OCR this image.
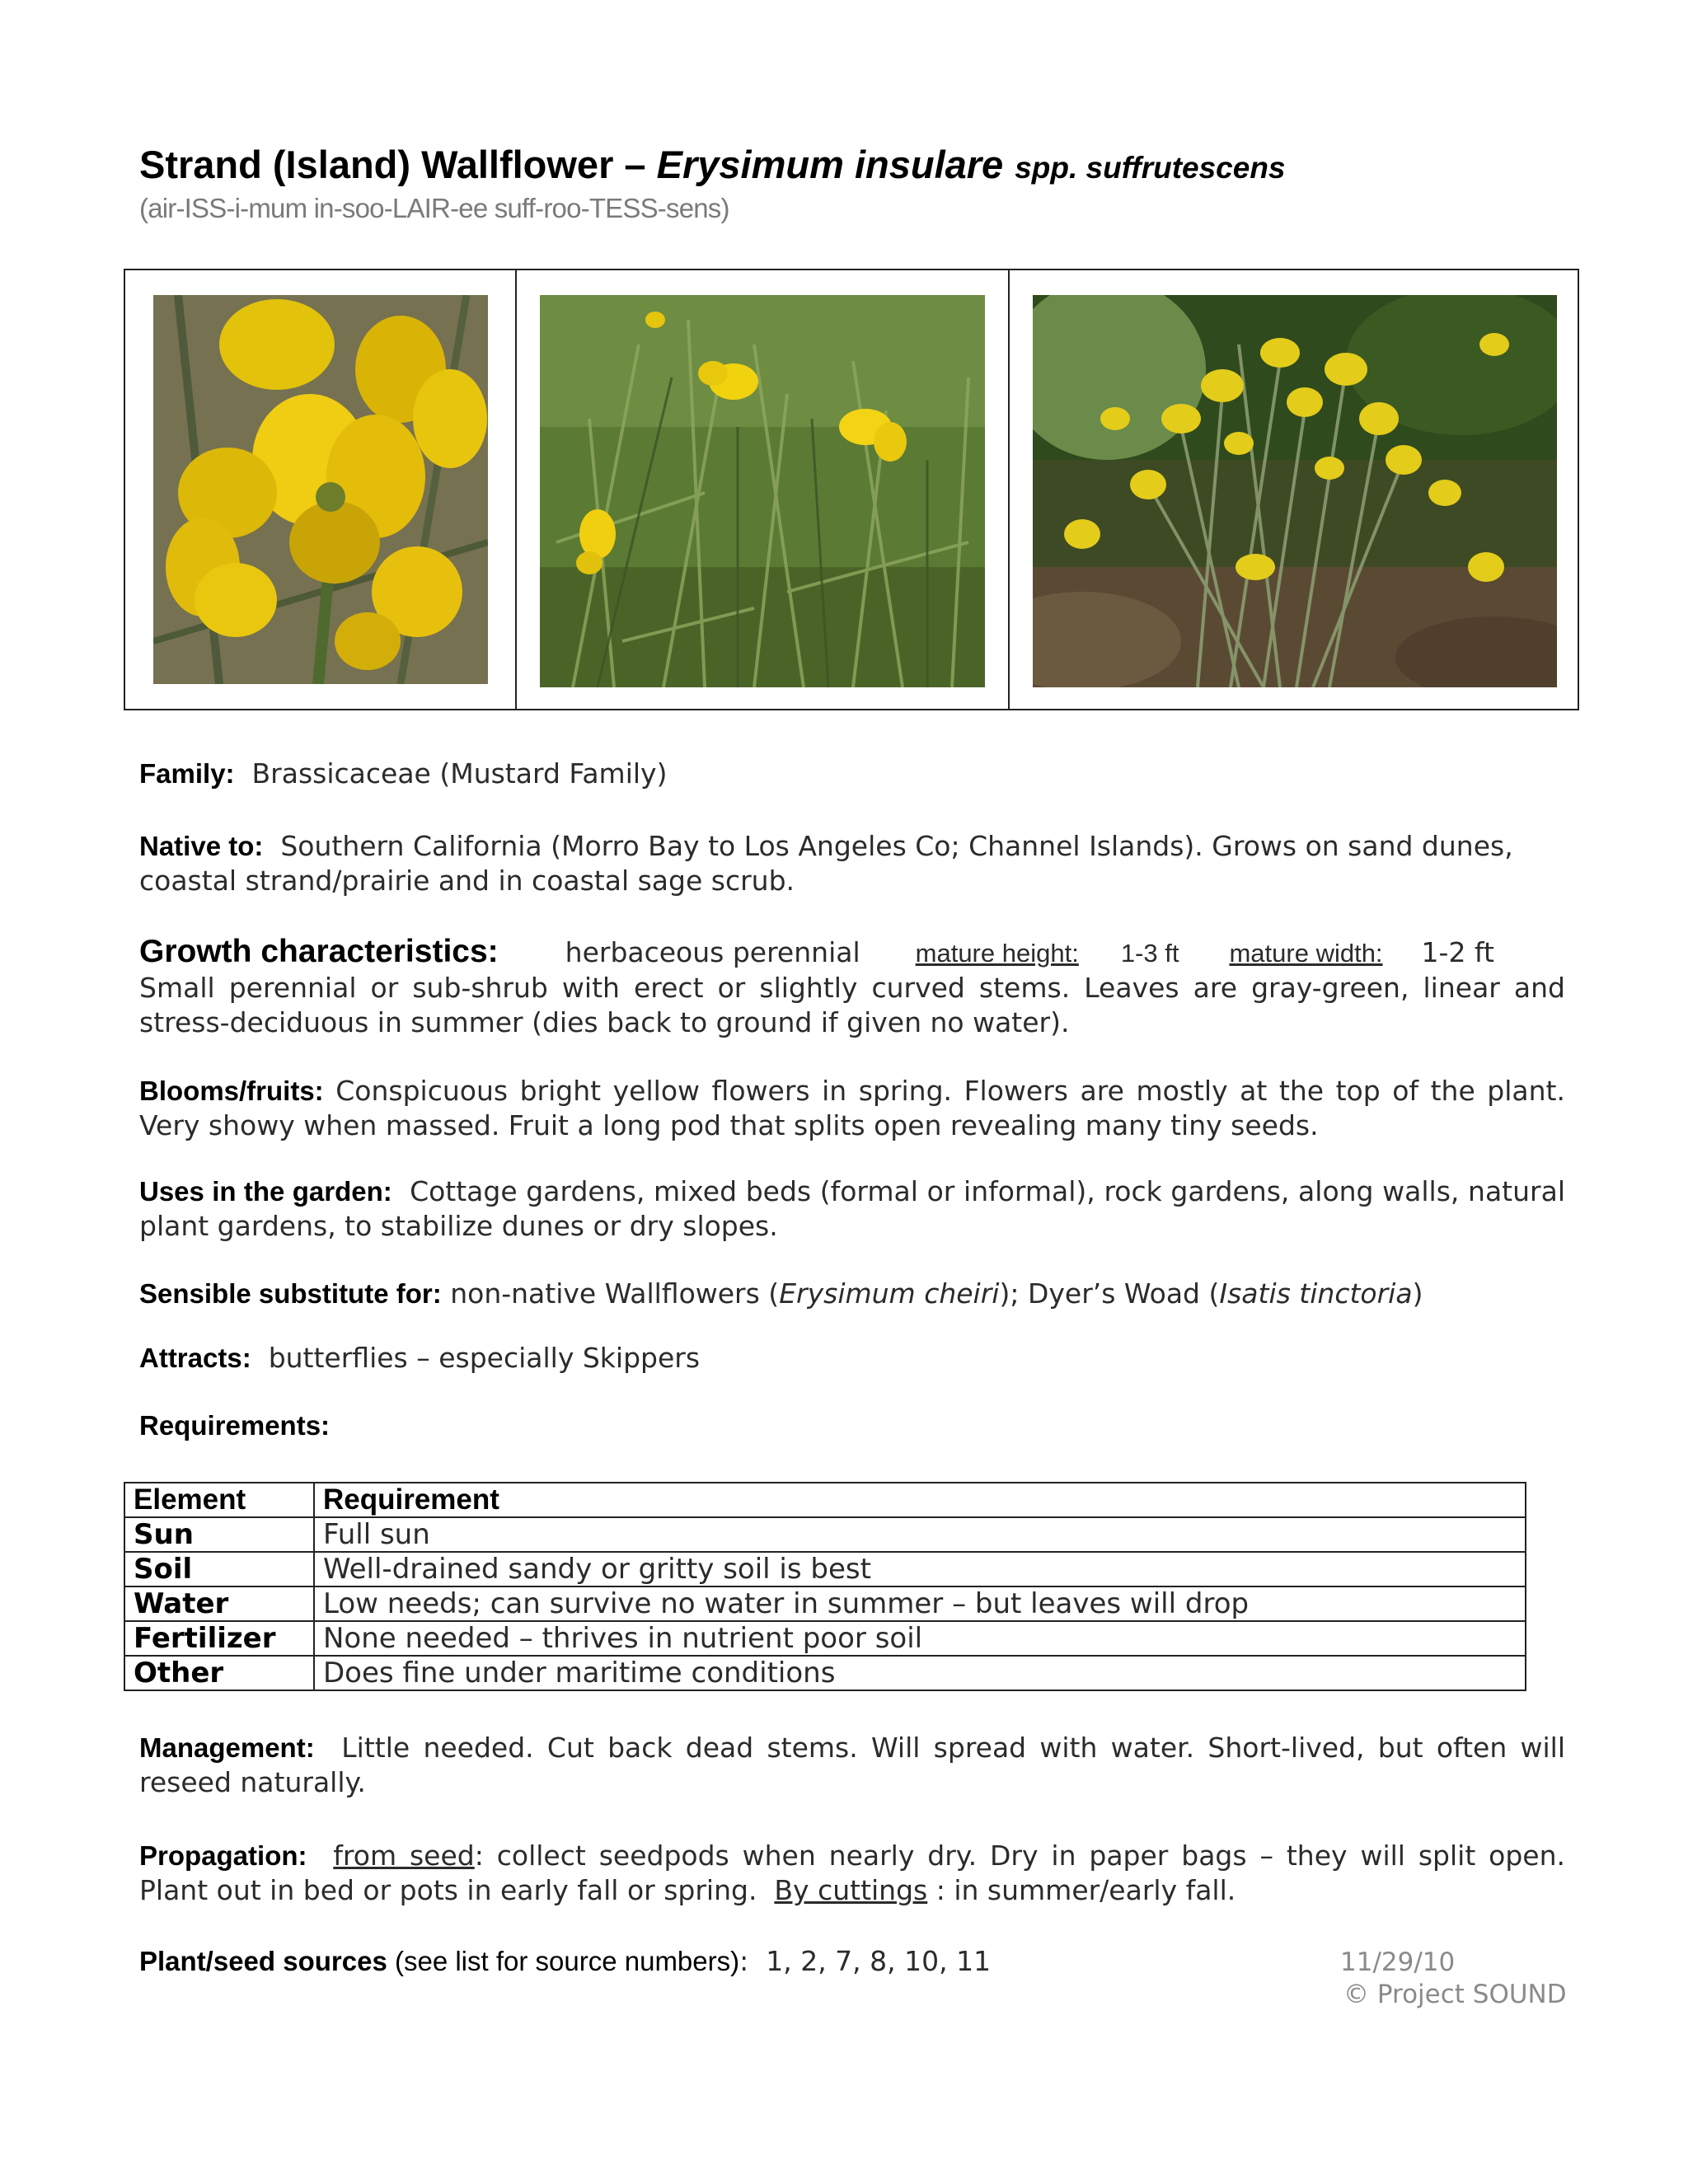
Strand (Island) Wallflower – Erysimum insulare spp. suffrutescens
(air-ISS-i-mum in-soo-LAIR-ee suff-roo-TESS-sens)
Family: Brassicaceae (Mustard Family)
Native to: Southern California (Morro Bay to Los Angeles Co; Channel Islands). Grows on sand dunes, coastal strand/prairie and in coastal sage scrub.
Growth characteristics: herbaceous perennial mature height: 1-3 ft mature width: 1-2 ft
Small perennial or sub-shrub with erect or slightly curved stems. Leaves are gray-green, linear and stress-deciduous in summer (dies back to ground if given no water).
Blooms/fruits: Conspicuous bright yellow flowers in spring. Flowers are mostly at the top of the plant. Very showy when massed. Fruit a long pod that splits open revealing many tiny seeds.
Uses in the garden: Cottage gardens, mixed beds (formal or informal), rock gardens, along walls, natural plant gardens, to stabilize dunes or dry slopes.
Sensible substitute for: non-native Wallflowers (Erysimum cheiri); Dyer’s Woad (Isatis tinctoria)
Attracts: butterflies – especially Skippers
Requirements:
Element	Requirement
Sun	Full sun
Soil	Well-drained sandy or gritty soil is best
Water	Low needs; can survive no water in summer – but leaves will drop
Fertilizer	None needed – thrives in nutrient poor soil
Other	Does fine under maritime conditions
Management: Little needed. Cut back dead stems. Will spread with water. Short-lived, but often will reseed naturally.
Propagation: from seed: collect seedpods when nearly dry. Dry in paper bags – they will split open. Plant out in bed or pots in early fall or spring. By cuttings : in summer/early fall.
Plant/seed sources (see list for source numbers): 1, 2, 7, 8, 10, 11	11/29/10
© Project SOUND
